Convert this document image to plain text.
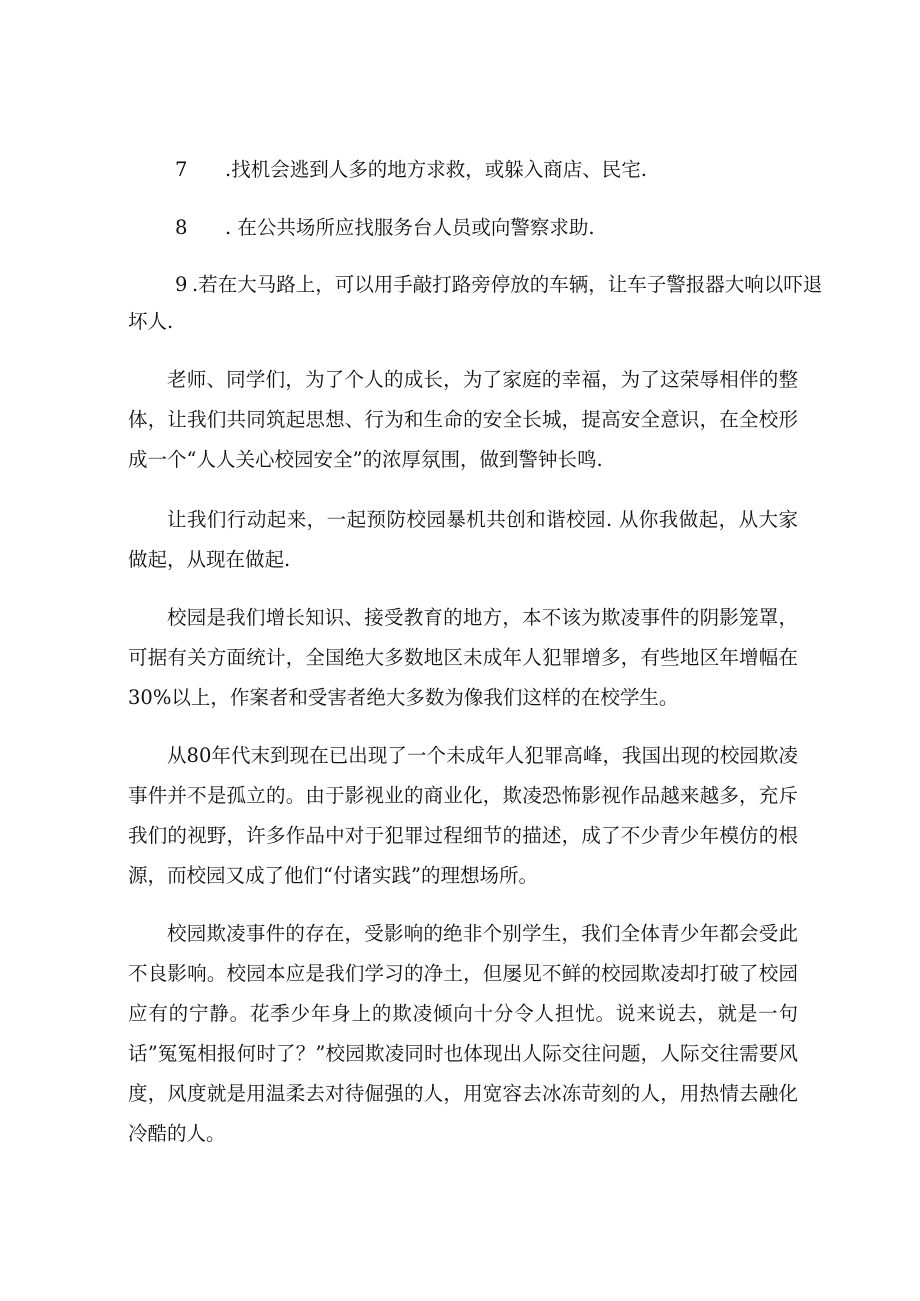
7 .找机会逃到人多的地方求救，或躲入商店、民宅.
8 . 在公共场所应找服务台人员或向警察求助.
9 .若在大马路上，可以用手敲打路旁停放的车辆，让车子警报器大响以吓退

坏人.

老师、同学们，为了个人的成长，为了家庭的幸福，为了这荣辱相伴的整体，让我们共同筑起思想、行为和生命的安全长城，提高安全意识，在全校形成一个“人人关心校园安全”的浓厚氛围，做到警钟长鸣.

让我们行动起来，一起预防校园暴机共创和谐校园. 从你我做起，从大家做起，从现在做起.

校园是我们增长知识、接受教育的地方，本不该为欺凌事件的阴影笼罩，可据有关方面统计，全国绝大多数地区未成年人犯罪增多，有些地区年增幅在30%以上，作案者和受害者绝大多数为像我们这样的在校学生。

从80年代末到现在已出现了一个未成年人犯罪高峰，我国出现的校园欺凌事件并不是孤立的。由于影视业的商业化，欺凌恐怖影视作品越来越多，充斥我们的视野，许多作品中对于犯罪过程细节的描述，成了不少青少年模仿的根源，而校园又成了他们“付诸实践”的理想场所。

校园欺凌事件的存在，受影响的绝非个别学生，我们全体青少年都会受此不良影响。校园本应是我们学习的净土，但屡见不鲜的校园欺凌却打破了校园应有的宁静。花季少年身上的欺凌倾向十分令人担忧。说来说去，就是一句话”冤冤相报何时了？”校园欺凌同时也体现出人际交往问题，人际交往需要风度，风度就是用温柔去对待倔强的人，用宽容去冰冻苛刻的人，用热情去融化冷酷的人。
